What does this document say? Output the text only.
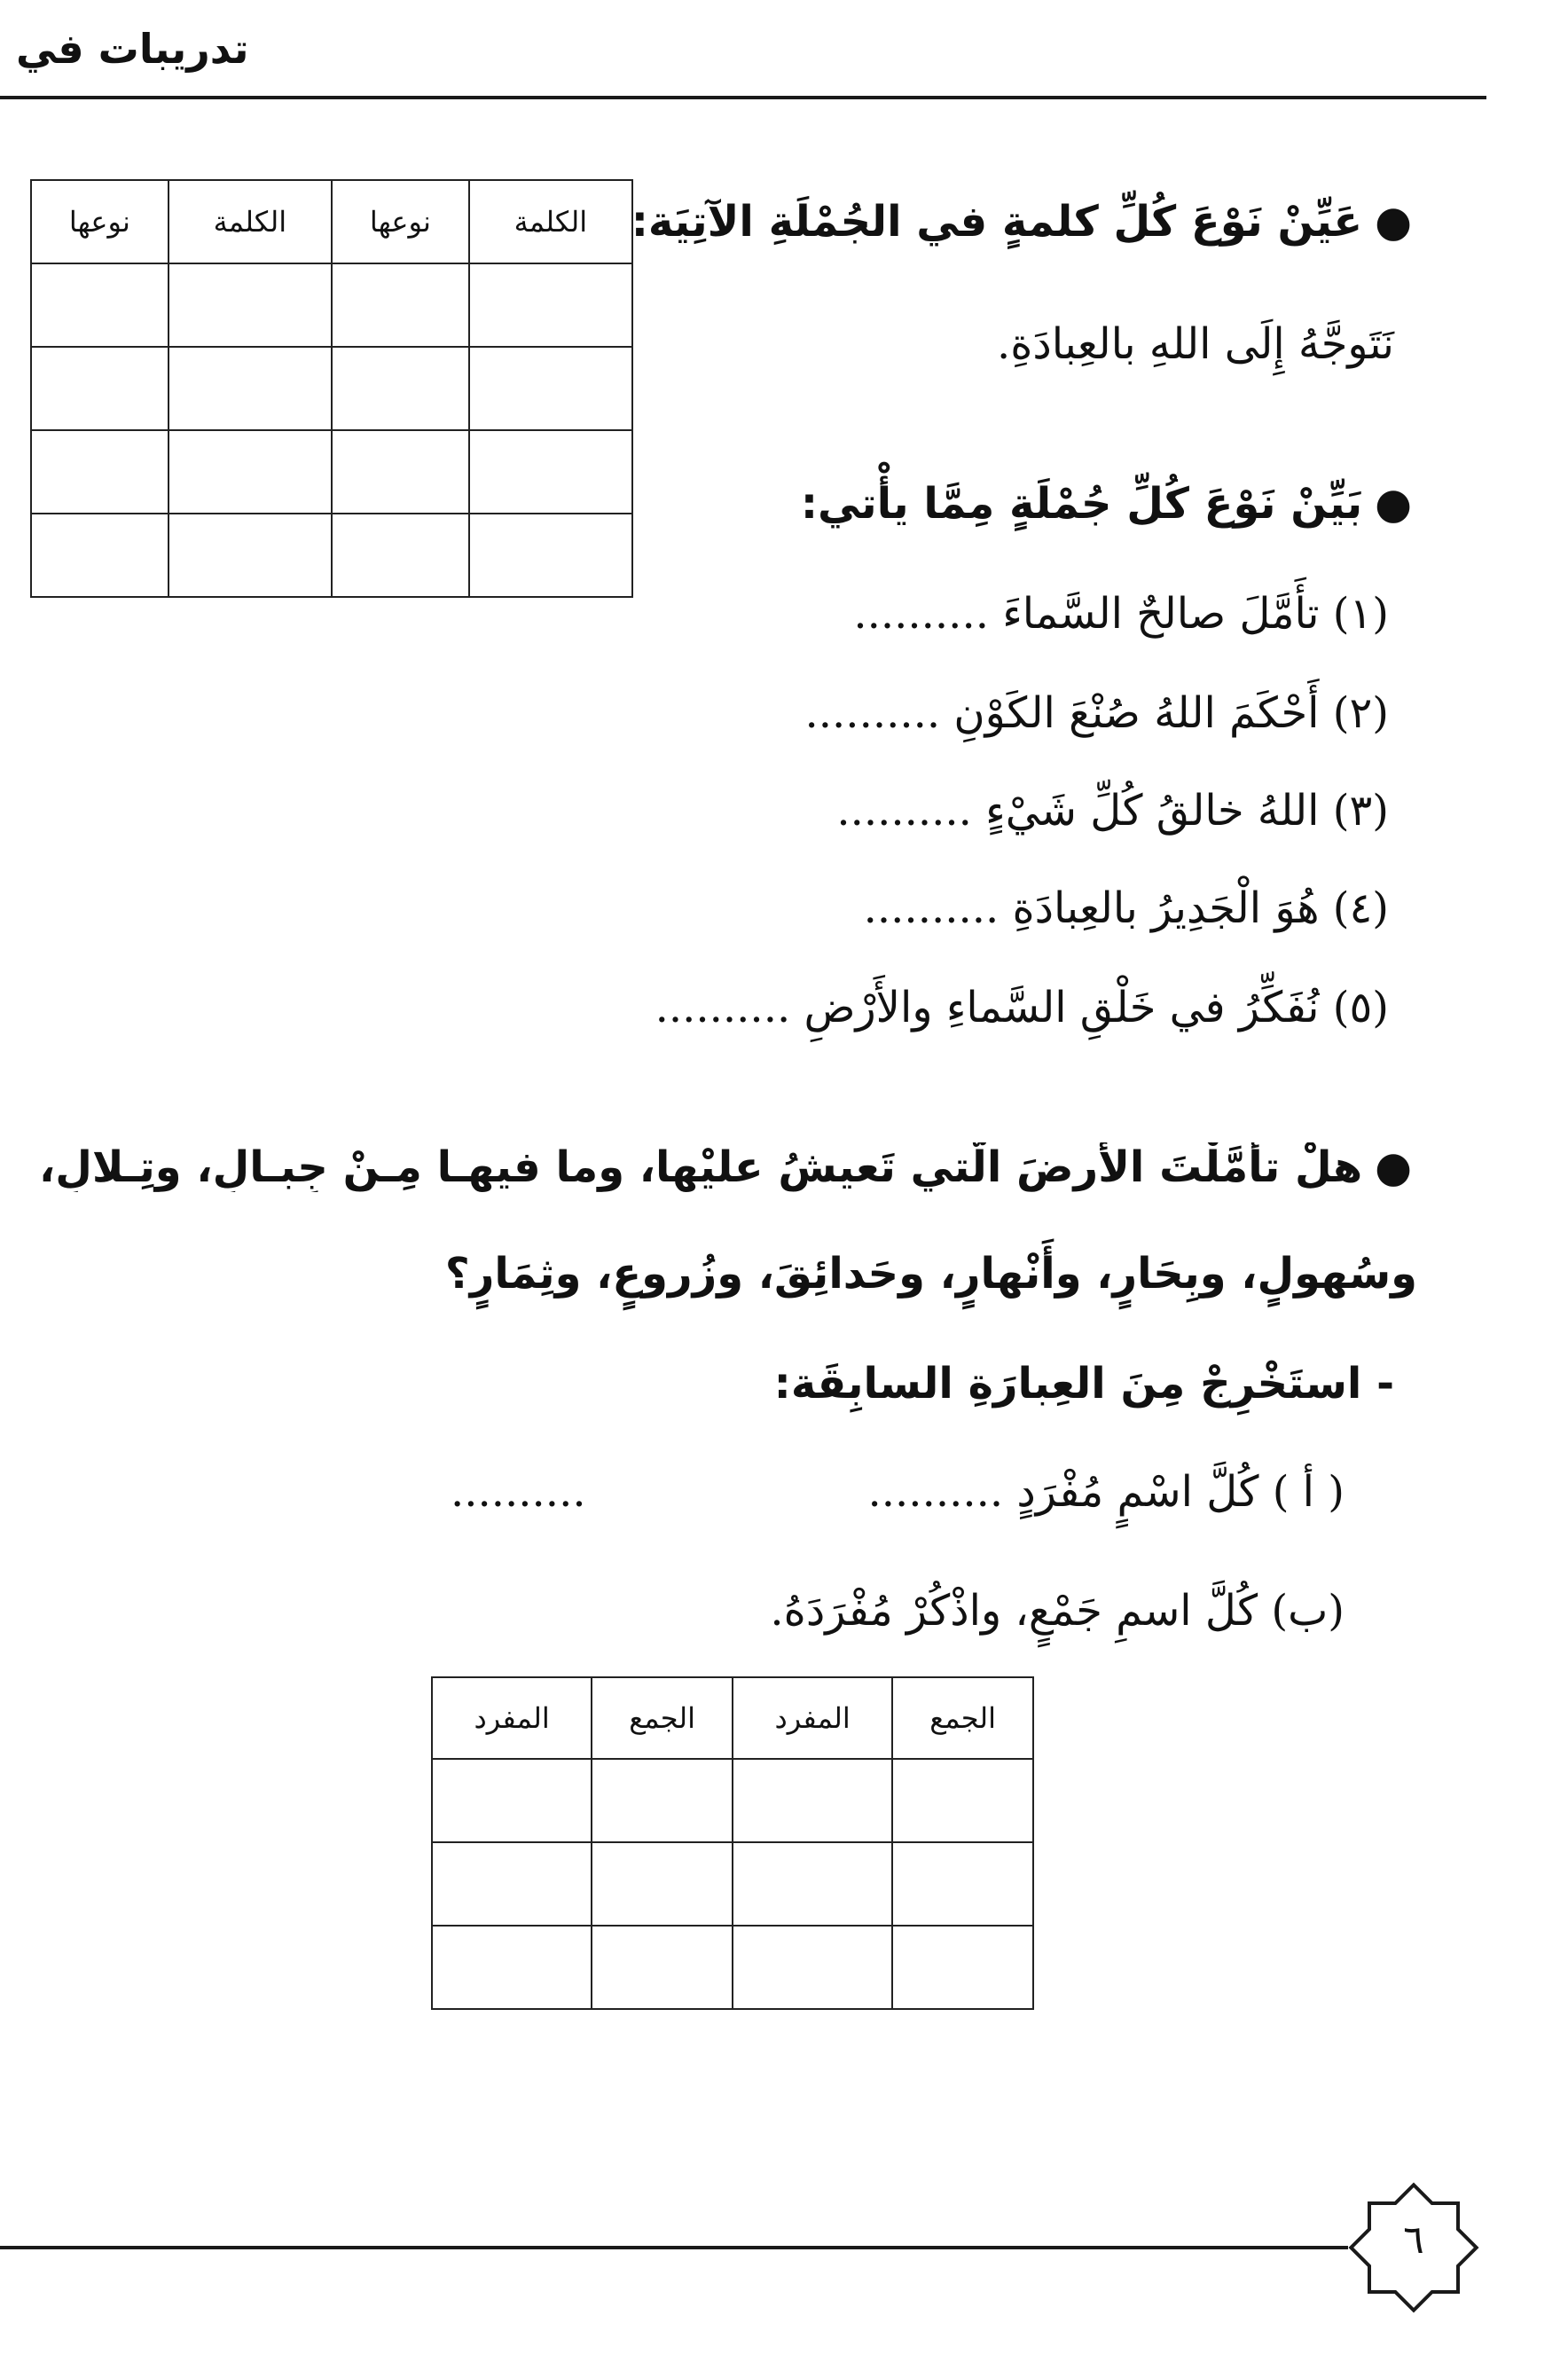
تدريبات في
●عَيِّنْ نَوْعَ كُلِّ كلمةٍ في الجُمْلَةِ الآتِيَة:
نَتَوجَّهُ إِلَى اللهِ بالعِبادَةِ.
الكلمة	نوعها	الكلمة	نوعها

●بَيِّنْ نَوْعَ كُلِّ جُمْلَةٍ مِمَّا يأْتي:
(١) تأَمَّلَ صالحٌ السَّماءَ ..........
(٢) أَحْكَمَ اللهُ صُنْعَ الكَوْنِ ..........
(٣) اللهُ خالقُ كُلِّ شَيْءٍ ..........
(٤) هُوَ الْجَدِيرُ بالعِبادَةِ ..........
(٥) نُفَكِّرُ في خَلْقِ السَّماءِ والأَرْضِ ..........
●هلْ تأمَّلْتَ الأرضَ الَّتي تَعيشُ عليْها، وما فيهـا مِـنْ جِبـالٍ، وتِـلالٍ،
وسُهولٍ، وبِحَارٍ، وأَنْهارٍ، وحَدائِقَ، وزُروعٍ، وثِمَارٍ؟
- استَخْرِجْ مِنَ العِبارَةِ السابِقَة:
( أ ) كُلَّ اسْمٍ مُفْرَدٍ ..........
..........
(ب) كُلَّ اسمِ جَمْعٍ، واذْكُرْ مُفْرَدَهُ.
الجمع	المفرد	الجمع	المفرد

٦
